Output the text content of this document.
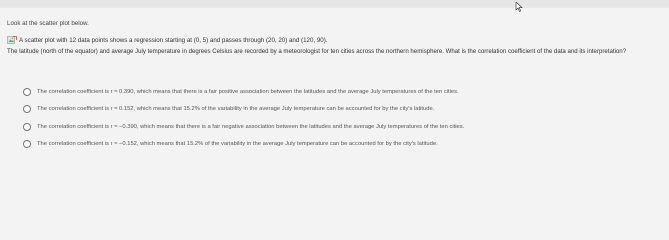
Look at the scatter plot below.
A scatter plot with 12 data points shows a regression starting at (0, 5) and passes through (20, 20) and (120, 90).
The latitude (north of the equator) and average July temperature in degrees Celsius are recorded by a meteorologist for ten cities across the northern hemisphere. What is the correlation coefficient of the data and its interpretation?
The correlation coefficient is r ≈ 0.390, which means that there is a fair positive association between the latitudes and the average July temperatures of the ten cities.
The correlation coefficient is r ≈ 0.152, which means that 15.2% of the variability in the average July temperature can be accounted for by the city's latitude.
The correlation coefficient is r ≈ −0.390, which means that there is a fair negative association between the latitudes and the average July temperatures of the ten cities.
The correlation coefficient is r ≈ −0.152, which means that 15.2% of the variability in the average July temperature can be accounted for by the city's latitude.
